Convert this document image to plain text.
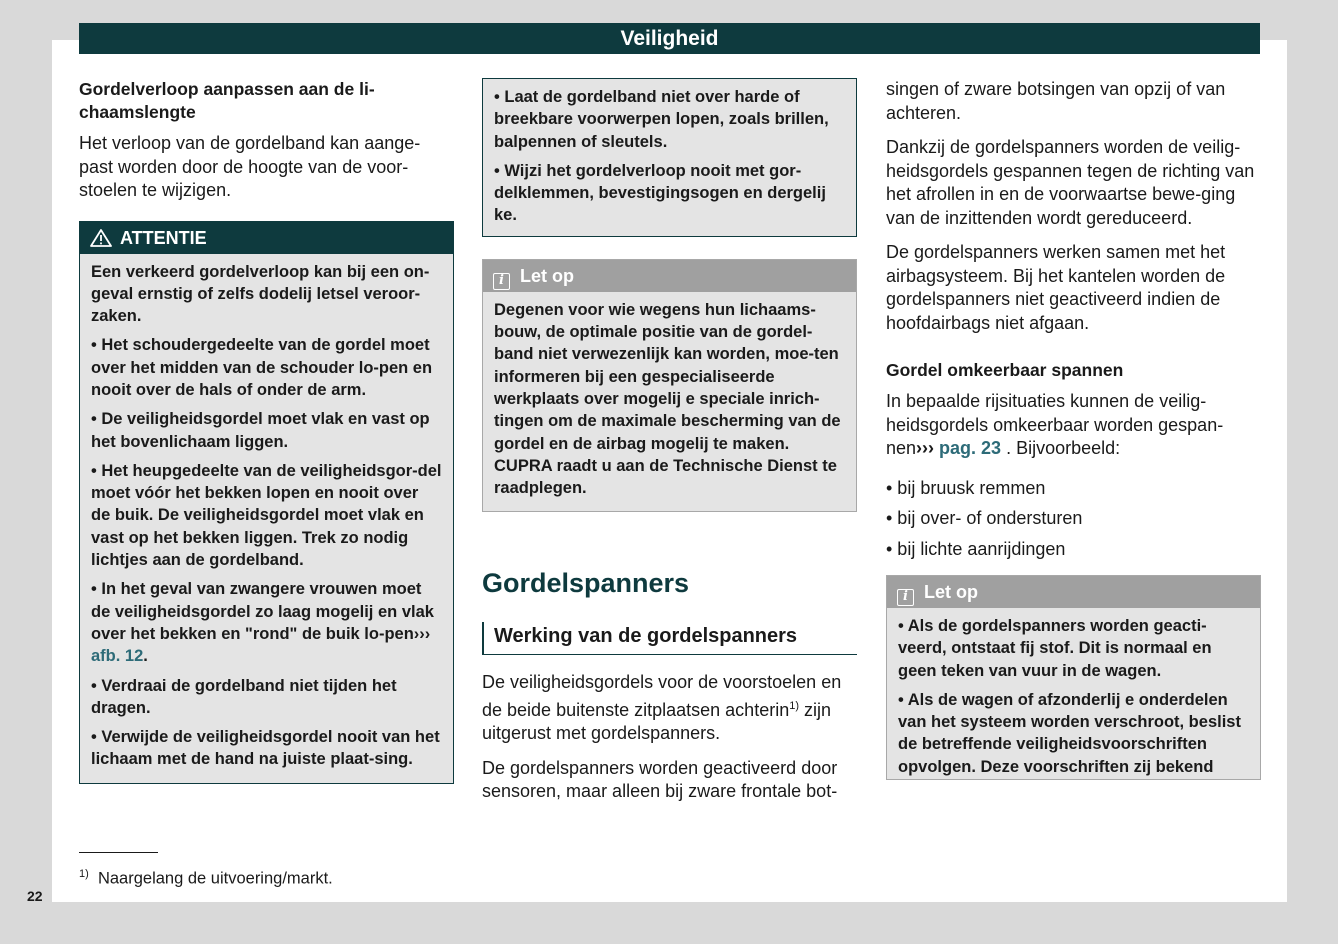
Veiligheid
Gordelverloop aanpassen aan de li-chaamslengte

Het verloop van de gordelband kan aange-past worden door de hoogte van de voor-stoelen te wijzigen.

ATTENTIE
Een verkeerd gordelverloop kan bij een on-geval ernstig of zelfs dodelij letsel veroor-zaken.
• Het schoudergedeelte van de gordel moet over het midden van de schouder lo-pen en nooit over de hals of onder de arm.
• De veiligheidsgordel moet vlak en vast op het bovenlichaam liggen.
• Het heupgedeelte van de veiligheidsgor-del moet vóór het bekken lopen en nooit over de buik. De veiligheidsgordel moet vlak en vast op het bekken liggen. Trek zo nodig lichtjes aan de gordelband.
• In het geval van zwangere vrouwen moet de veiligheidsgordel zo laag mogelij en vlak over het bekken en "rond" de buik lo-pen››› afb. 12.
• Verdraai de gordelband niet tijden het dragen.
• Verwijde de veiligheidsgordel nooit van het lichaam met de hand na juiste plaat-sing.
• Laat de gordelband niet over harde of breekbare voorwerpen lopen, zoals brillen, balpennen of sleutels.
• Wijzi het gordelverloop nooit met gor-delklemmen, bevestigingsogen en dergelij ke.
i Let op
Degenen voor wie wegens hun lichaams-bouw, de optimale positie van de gordel-band niet verwezenlijk kan worden, moe-ten informeren bij een gespecialiseerde werkplaats over mogelij e speciale inrich-tingen om de maximale bescherming van de gordel en de airbag mogelij te maken. CUPRA raadt u aan de Technische Dienst te raadplegen.
Gordelspanners
Werking van de gordelspanners

De veiligheidsgordels voor de voorstoelen en de beide buitenste zitplaatsen achterin$^{1)}$ zijn uitgerust met gordelspanners.

De gordelspanners worden geactiveerd door sensoren, maar alleen bij zware frontale bot-

singen of zware botsingen van opzij of van achteren.

Dankzij de gordelspanners worden de veilig-heidsgordels gespannen tegen de richting van het afrollen in en de voorwaartse bewe-ging van de inzittenden wordt gereduceerd.

De gordelspanners werken samen met het airbagsysteem. Bij het kantelen worden de gordelspanners niet geactiveerd indien de hoofdairbags niet afgaan.

Gordel omkeerbaar spannen

In bepaalde rijsituaties kunnen de veilig-heidsgordels omkeerbaar worden gespan-nen››› pag. 23 . Bijvoorbeeld:

• bij bruusk remmen
• bij over- of ondersturen
• bij lichte aanrijdingen
i Let op
• Als de gordelspanners worden geacti-veerd, ontstaat fij stof. Dit is normaal en geen teken van vuur in de wagen.
• Als de wagen of afzonderlij e onderdelen van het systeem worden verschroot, beslist de betreffende veiligheidsvoorschriften opvolgen. Deze voorschriften zij bekend
$^{1)}$ Naargelang de uitvoering/markt.
22
